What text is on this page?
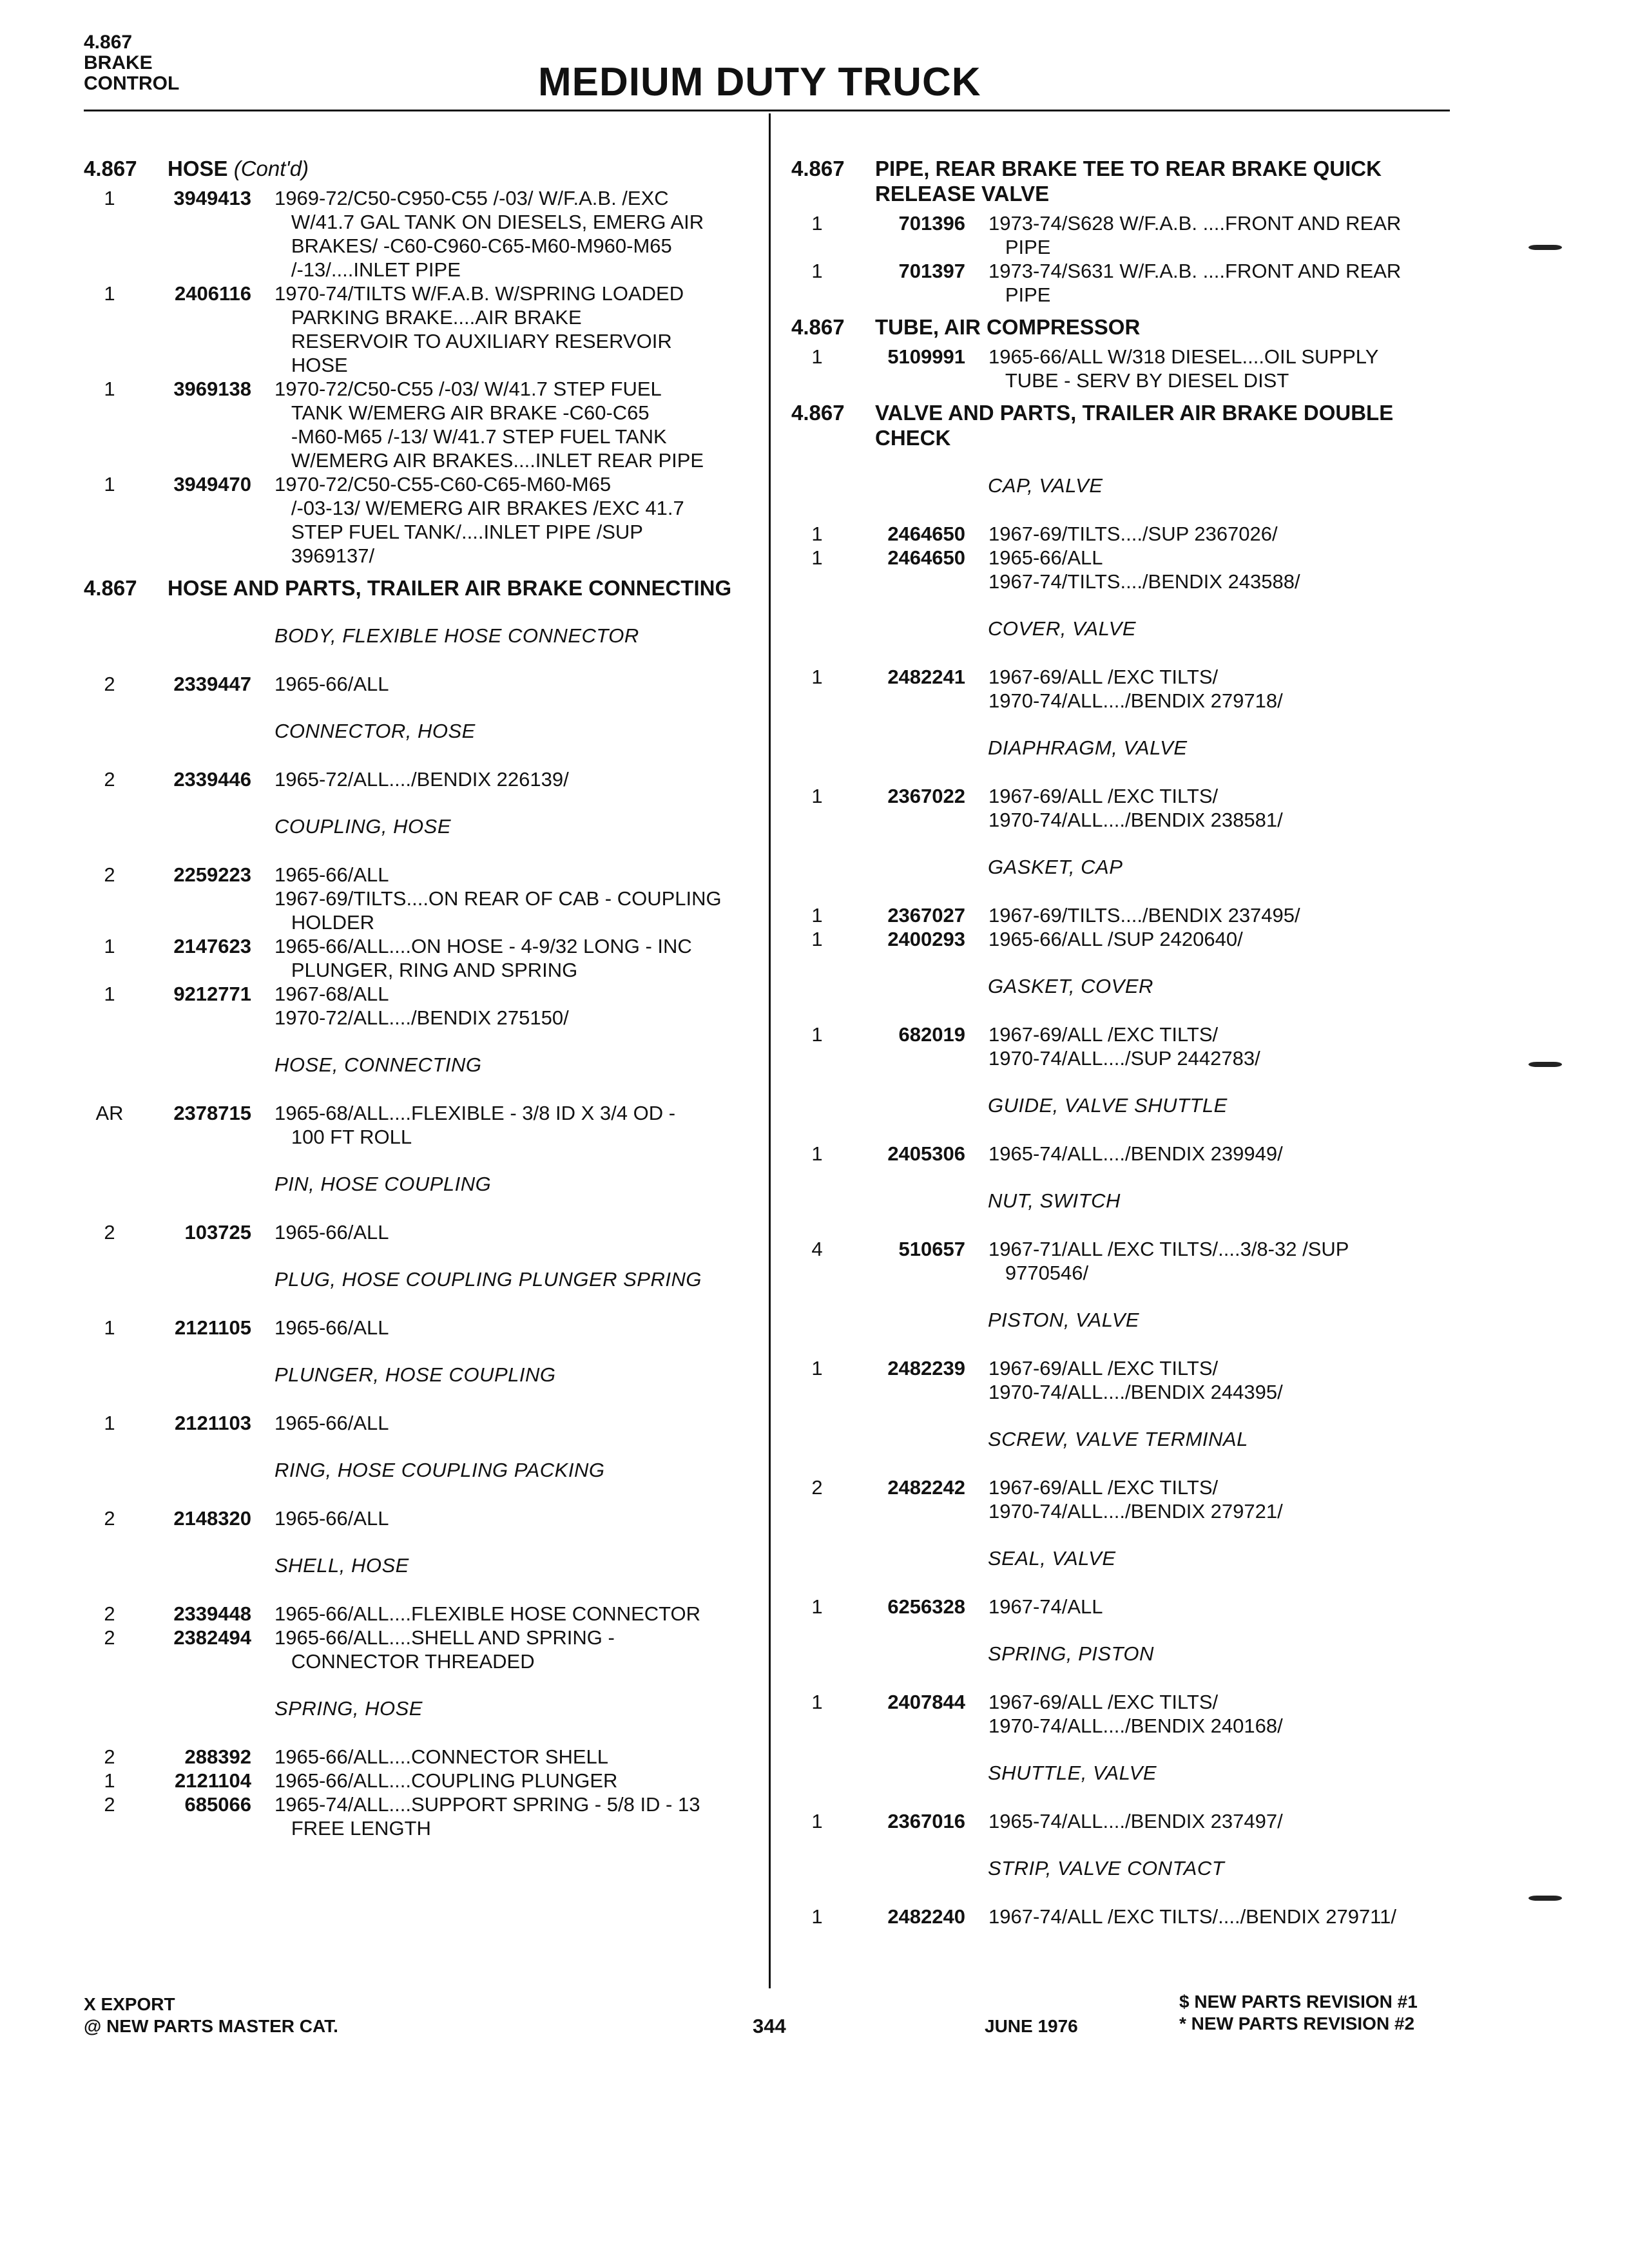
4.867
BRAKE
CONTROL	MEDIUM DUTY TRUCK
4.867	HOSE (Cont'd)
1	3949413	1969-72/C50-C950-C55 /-03/ W/F.A.B. /EXC
W/41.7 GAL TANK ON DIESELS, EMERG AIR
BRAKES/ -C60-C960-C65-M60-M960-M65
/-13/....INLET PIPE
1	2406116	1970-74/TILTS W/F.A.B. W/SPRING LOADED
PARKING BRAKE....AIR BRAKE
RESERVOIR TO AUXILIARY RESERVOIR
HOSE
1	3969138	1970-72/C50-C55 /-03/ W/41.7 STEP FUEL
TANK W/EMERG AIR BRAKE -C60-C65
-M60-M65 /-13/ W/41.7 STEP FUEL TANK
W/EMERG AIR BRAKES....INLET REAR PIPE
1	3949470	1970-72/C50-C55-C60-C65-M60-M65
/-03-13/ W/EMERG AIR BRAKES /EXC 41.7
STEP FUEL TANK/....INLET PIPE /SUP
3969137/
4.867	HOSE AND PARTS, TRAILER AIR BRAKE CONNECTING
BODY, FLEXIBLE HOSE CONNECTOR
2	2339447	1965-66/ALL
CONNECTOR, HOSE
2	2339446	1965-72/ALL..../BENDIX 226139/
COUPLING, HOSE
2	2259223	1965-66/ALL
1967-69/TILTS....ON REAR OF CAB - COUPLING
HOLDER
1	2147623	1965-66/ALL....ON HOSE - 4-9/32 LONG - INC
PLUNGER, RING AND SPRING
1	9212771	1967-68/ALL
1970-72/ALL..../BENDIX 275150/
HOSE, CONNECTING
AR	2378715	1965-68/ALL....FLEXIBLE - 3/8 ID X 3/4 OD -
100 FT ROLL
PIN, HOSE COUPLING
2	103725	1965-66/ALL
PLUG, HOSE COUPLING PLUNGER SPRING
1	2121105	1965-66/ALL
PLUNGER, HOSE COUPLING
1	2121103	1965-66/ALL
RING, HOSE COUPLING PACKING
2	2148320	1965-66/ALL
SHELL, HOSE
2	2339448	1965-66/ALL....FLEXIBLE HOSE CONNECTOR
2	2382494	1965-66/ALL....SHELL AND SPRING -
CONNECTOR THREADED
SPRING, HOSE
2	288392	1965-66/ALL....CONNECTOR SHELL
1	2121104	1965-66/ALL....COUPLING PLUNGER
2	685066	1965-74/ALL....SUPPORT SPRING - 5/8 ID - 13
FREE LENGTH
4.867	PIPE, REAR BRAKE TEE TO REAR BRAKE QUICK RELEASE VALVE
1	701396	1973-74/S628 W/F.A.B. ....FRONT AND REAR
PIPE
1	701397	1973-74/S631 W/F.A.B. ....FRONT AND REAR
PIPE
4.867	TUBE, AIR COMPRESSOR
1	5109991	1965-66/ALL W/318 DIESEL....OIL SUPPLY
TUBE - SERV BY DIESEL DIST
4.867	VALVE AND PARTS, TRAILER AIR BRAKE DOUBLE CHECK
CAP, VALVE
1	2464650	1967-69/TILTS..../SUP 2367026/
1	2464650	1965-66/ALL
1967-74/TILTS..../BENDIX 243588/
COVER, VALVE
1	2482241	1967-69/ALL /EXC TILTS/
1970-74/ALL..../BENDIX 279718/
DIAPHRAGM, VALVE
1	2367022	1967-69/ALL /EXC TILTS/
1970-74/ALL..../BENDIX 238581/
GASKET, CAP
1	2367027	1967-69/TILTS..../BENDIX 237495/
1	2400293	1965-66/ALL /SUP 2420640/
GASKET, COVER
1	682019	1967-69/ALL /EXC TILTS/
1970-74/ALL..../SUP 2442783/
GUIDE, VALVE SHUTTLE
1	2405306	1965-74/ALL..../BENDIX 239949/
NUT, SWITCH
4	510657	1967-71/ALL /EXC TILTS/....3/8-32 /SUP
9770546/
PISTON, VALVE
1	2482239	1967-69/ALL /EXC TILTS/
1970-74/ALL..../BENDIX 244395/
SCREW, VALVE TERMINAL
2	2482242	1967-69/ALL /EXC TILTS/
1970-74/ALL..../BENDIX 279721/
SEAL, VALVE
1	6256328	1967-74/ALL
SPRING, PISTON
1	2407844	1967-69/ALL /EXC TILTS/
1970-74/ALL..../BENDIX 240168/
SHUTTLE, VALVE
1	2367016	1965-74/ALL..../BENDIX 237497/
STRIP, VALVE CONTACT
1	2482240	1967-74/ALL /EXC TILTS/..../BENDIX 279711/
X EXPORT
@ NEW PARTS MASTER CAT.	344	JUNE 1976
$ NEW PARTS REVISION #1
* NEW PARTS REVISION #2
